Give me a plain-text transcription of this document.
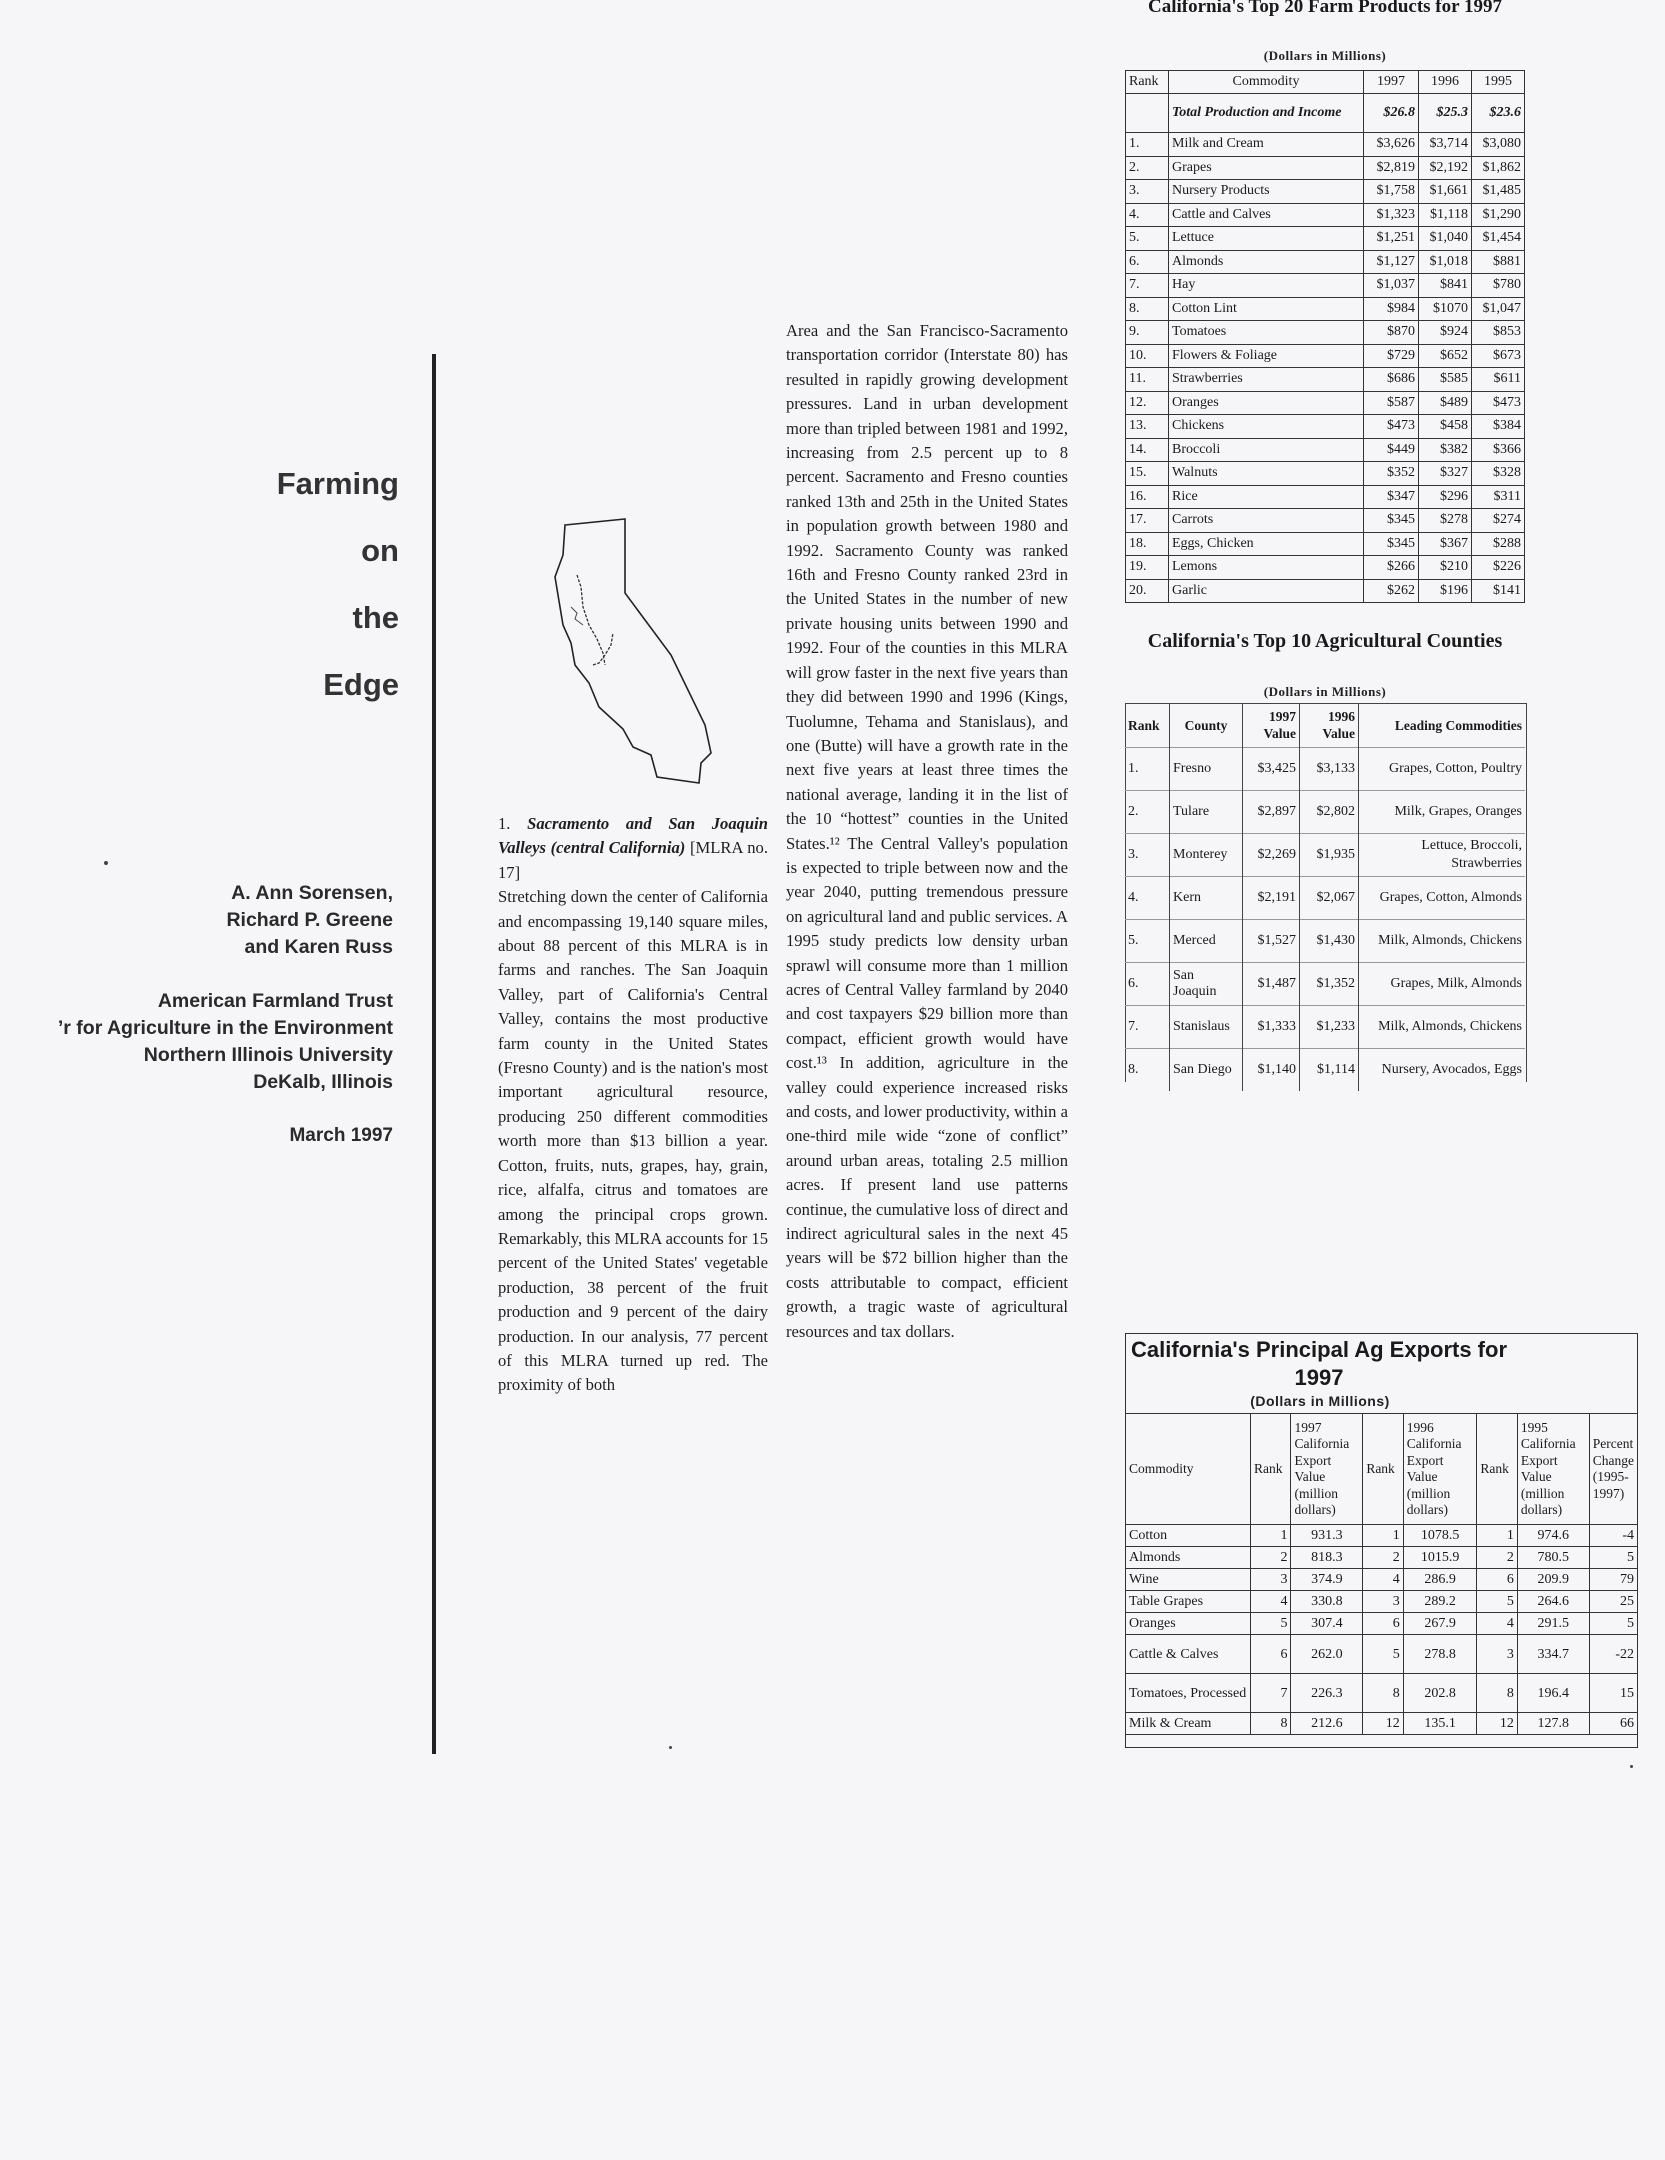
Farming
on
the
Edge
A. Ann Sorensen,
Richard P. Greene
and Karen Russ
American Farmland Trust
’r for Agriculture in the Environment
Northern Illinois University
DeKalb, Illinois
March 1997

1. Sacramento and San Joaquin Valleys (central California) [MLRA no. 17]

Stretching down the center of California and encompassing 19,140 square miles, about 88 percent of this MLRA is in farms and ranches. The San Joaquin Valley, part of California's Central Valley, contains the most productive farm county in the United States (Fresno County) and is the nation's most important agricultural resource, producing 250 different commodities worth more than $13 billion a year. Cotton, fruits, nuts, grapes, hay, grain, rice, alfalfa, citrus and tomatoes are among the principal crops grown. Remarkably, this MLRA accounts for 15 percent of the United States' vegetable production, 38 percent of the fruit production and 9 percent of the dairy production. In our analysis, 77 percent of this MLRA turned up red. The proximity of both

Area and the San Francisco-Sacramento transportation corridor (Interstate 80) has resulted in rapidly growing development pressures. Land in urban development more than tripled between 1981 and 1992, increasing from 2.5 percent up to 8 percent. Sacramento and Fresno counties ranked 13th and 25th in the United States in population growth between 1980 and 1992. Sacramento County was ranked 16th and Fresno County ranked 23rd in the United States in the number of new private housing units between 1990 and 1992. Four of the counties in this MLRA will grow faster in the next five years than they did between 1990 and 1996 (Kings, Tuolumne, Tehama and Stanislaus), and one (Butte) will have a growth rate in the next five years at least three times the national average, landing it in the list of the 10 “hottest” counties in the United States.¹² The Central Valley's population is expected to triple between now and the year 2040, putting tremendous pressure on agricultural land and public services. A 1995 study predicts low density urban sprawl will consume more than 1 million acres of Central Valley farmland by 2040 and cost taxpayers $29 billion more than compact, efficient growth would have cost.¹³ In addition, agriculture in the valley could experience increased risks and costs, and lower productivity, within a one-third mile wide “zone of conflict” around urban areas, totaling 2.5 million acres. If present land use patterns continue, the cumulative loss of direct and indirect agricultural sales in the next 45 years will be $72 billion higher than the costs attributable to compact, efficient growth, a tragic waste of agricultural resources and tax dollars.

California's Top 20 Farm Products for 1997
(Dollars in Millions)
Rank	Commodity	1997	1996	1995
	Total Production and Income	$26.8	$25.3	$23.6
1.	Milk and Cream	$3,626	$3,714	$3,080
2.	Grapes	$2,819	$2,192	$1,862
3.	Nursery Products	$1,758	$1,661	$1,485
4.	Cattle and Calves	$1,323	$1,118	$1,290
5.	Lettuce	$1,251	$1,040	$1,454
6.	Almonds	$1,127	$1,018	$881
7.	Hay	$1,037	$841	$780
8.	Cotton Lint	$984	$1070	$1,047
9.	Tomatoes	$870	$924	$853
10.	Flowers & Foliage	$729	$652	$673
11.	Strawberries	$686	$585	$611
12.	Oranges	$587	$489	$473
13.	Chickens	$473	$458	$384
14.	Broccoli	$449	$382	$366
15.	Walnuts	$352	$327	$328
16.	Rice	$347	$296	$311
17.	Carrots	$345	$278	$274
18.	Eggs, Chicken	$345	$367	$288
19.	Lemons	$266	$210	$226
20.	Garlic	$262	$196	$141
California's Top 10 Agricultural Counties
(Dollars in Millions)
Rank	County	1997 Value	1996 Value	Leading Commodities
1.	Fresno	$3,425	$3,133	Grapes, Cotton, Poultry
2.	Tulare	$2,897	$2,802	Milk, Grapes, Oranges
3.	Monterey	$2,269	$1,935	Lettuce, Broccoli, Strawberries
4.	Kern	$2,191	$2,067	Grapes, Cotton, Almonds
5.	Merced	$1,527	$1,430	Milk, Almonds, Chickens
6.	San Joaquin	$1,487	$1,352	Grapes, Milk, Almonds
7.	Stanislaus	$1,333	$1,233	Milk, Almonds, Chickens
8.	San Diego	$1,140	$1,114	Nursery, Avocados, Eggs
California's Principal Ag Exports for 1997
(Dollars in Millions)
Commodity	Rank	1997 California Export Value (million dollars)	Rank	1996 California Export Value (million dollars)	Rank	1995 California Export Value (million dollars)	Percent Change (1995-1997)
Cotton	1	931.3	1	1078.5	1	974.6	-4
Almonds	2	818.3	2	1015.9	2	780.5	5
Wine	3	374.9	4	286.9	6	209.9	79
Table Grapes	4	330.8	3	289.2	5	264.6	25
Oranges	5	307.4	6	267.9	4	291.5	5
Cattle & Calves	6	262.0	5	278.8	3	334.7	-22
Tomatoes, Processed	7	226.3	8	202.8	8	196.4	15
Milk & Cream	8	212.6	12	135.1	12	127.8	66
